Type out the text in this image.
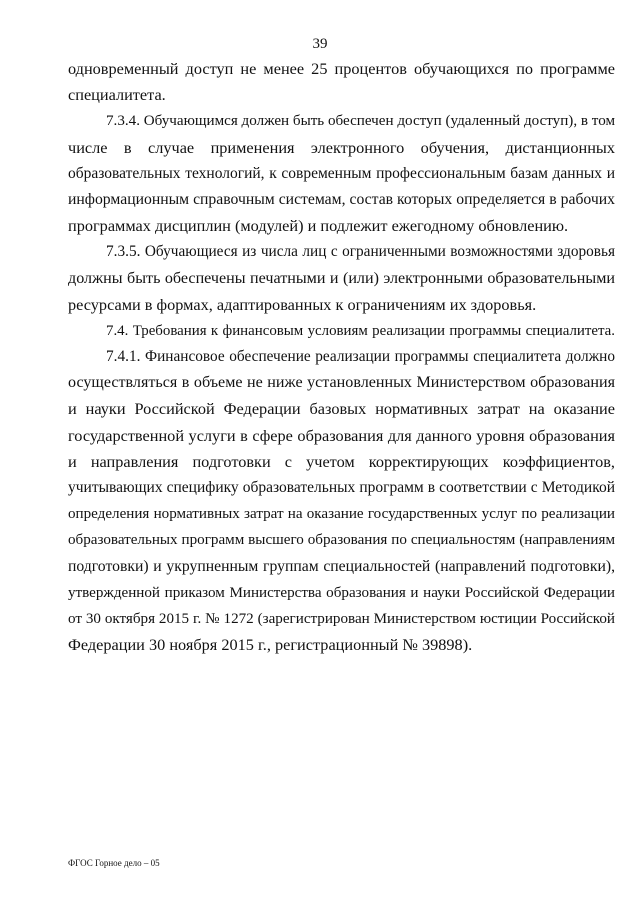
39
одновременный доступ не менее 25 процентов обучающихся по программе
специалитета.
7.3.4. Обучающимся должен быть обеспечен доступ (удаленный доступ), в том
числе в случае применения электронного обучения, дистанционных
образовательных технологий, к современным профессиональным базам данных и
информационным справочным системам, состав которых определяется в рабочих
программах дисциплин (модулей) и подлежит ежегодному обновлению.
7.3.5. Обучающиеся из числа лиц с ограниченными возможностями здоровья
должны быть обеспечены печатными и (или) электронными образовательными
ресурсами в формах, адаптированных к ограничениям их здоровья.
7.4. Требования к финансовым условиям реализации программы специалитета.
7.4.1. Финансовое обеспечение реализации программы специалитета должно
осуществляться в объеме не ниже установленных Министерством образования
и науки Российской Федерации базовых нормативных затрат на оказание
государственной услуги в сфере образования для данного уровня образования
и направления подготовки с учетом корректирующих коэффициентов,
учитывающих специфику образовательных программ в соответствии с Методикой
определения нормативных затрат на оказание государственных услуг по реализации
образовательных программ высшего образования по специальностям (направлениям
подготовки) и укрупненным группам специальностей (направлений подготовки),
утвержденной приказом Министерства образования и науки Российской Федерации
от 30 октября 2015 г. № 1272 (зарегистрирован Министерством юстиции Российской
Федерации 30 ноября 2015 г., регистрационный № 39898).
ФГОС Горное дело – 05
